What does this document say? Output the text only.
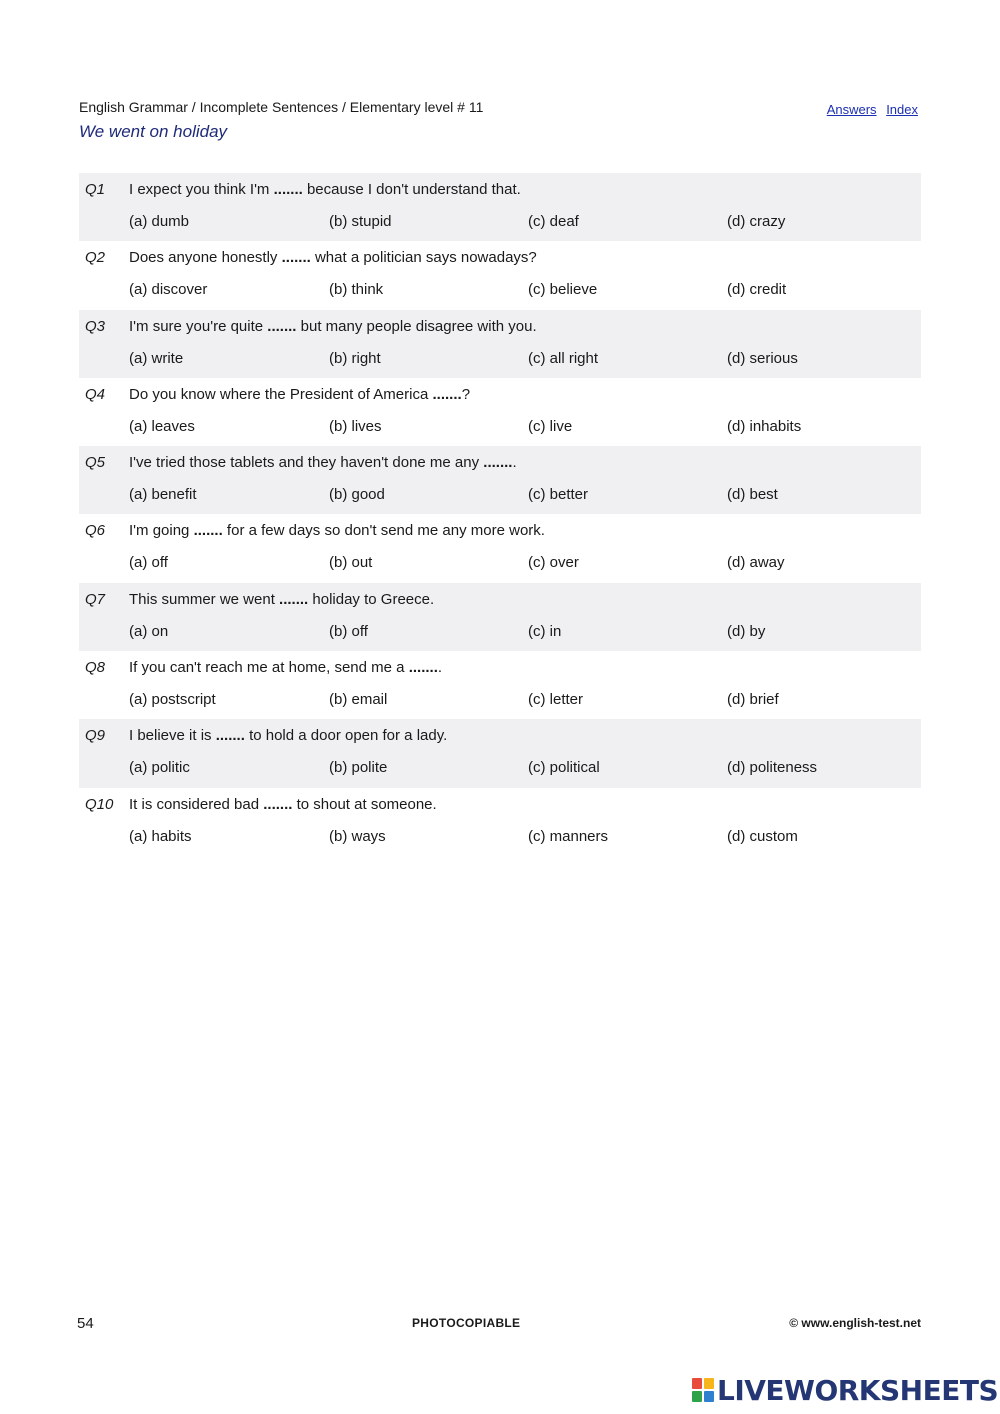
English Grammar / Incomplete Sentences / Elementary level # 11
We went on holiday
Answers Index
Q1 I expect you think I'm ....... because I don't understand that.
(a) dumb	(b) stupid	(c) deaf	(d) crazy
Q2 Does anyone honestly ....... what a politician says nowadays?
(a) discover	(b) think	(c) believe	(d) credit
Q3 I'm sure you're quite ....... but many people disagree with you.
(a) write	(b) right	(c) all right	(d) serious
Q4 Do you know where the President of America .......?
(a) leaves	(b) lives	(c) live	(d) inhabits
Q5 I've tried those tablets and they haven't done me any ........
(a) benefit	(b) good	(c) better	(d) best
Q6 I'm going ....... for a few days so don't send me any more work.
(a) off	(b) out	(c) over	(d) away
Q7 This summer we went ....... holiday to Greece.
(a) on	(b) off	(c) in	(d) by
Q8 If you can't reach me at home, send me a ........
(a) postscript	(b) email	(c) letter	(d) brief
Q9 I believe it is ....... to hold a door open for a lady.
(a) politic	(b) polite	(c) political	(d) politeness
Q10 It is considered bad ....... to shout at someone.
(a) habits	(b) ways	(c) manners	(d) custom
54	PHOTOCOPIABLE	© www.english-test.net
LIVEWORKSHEETS
